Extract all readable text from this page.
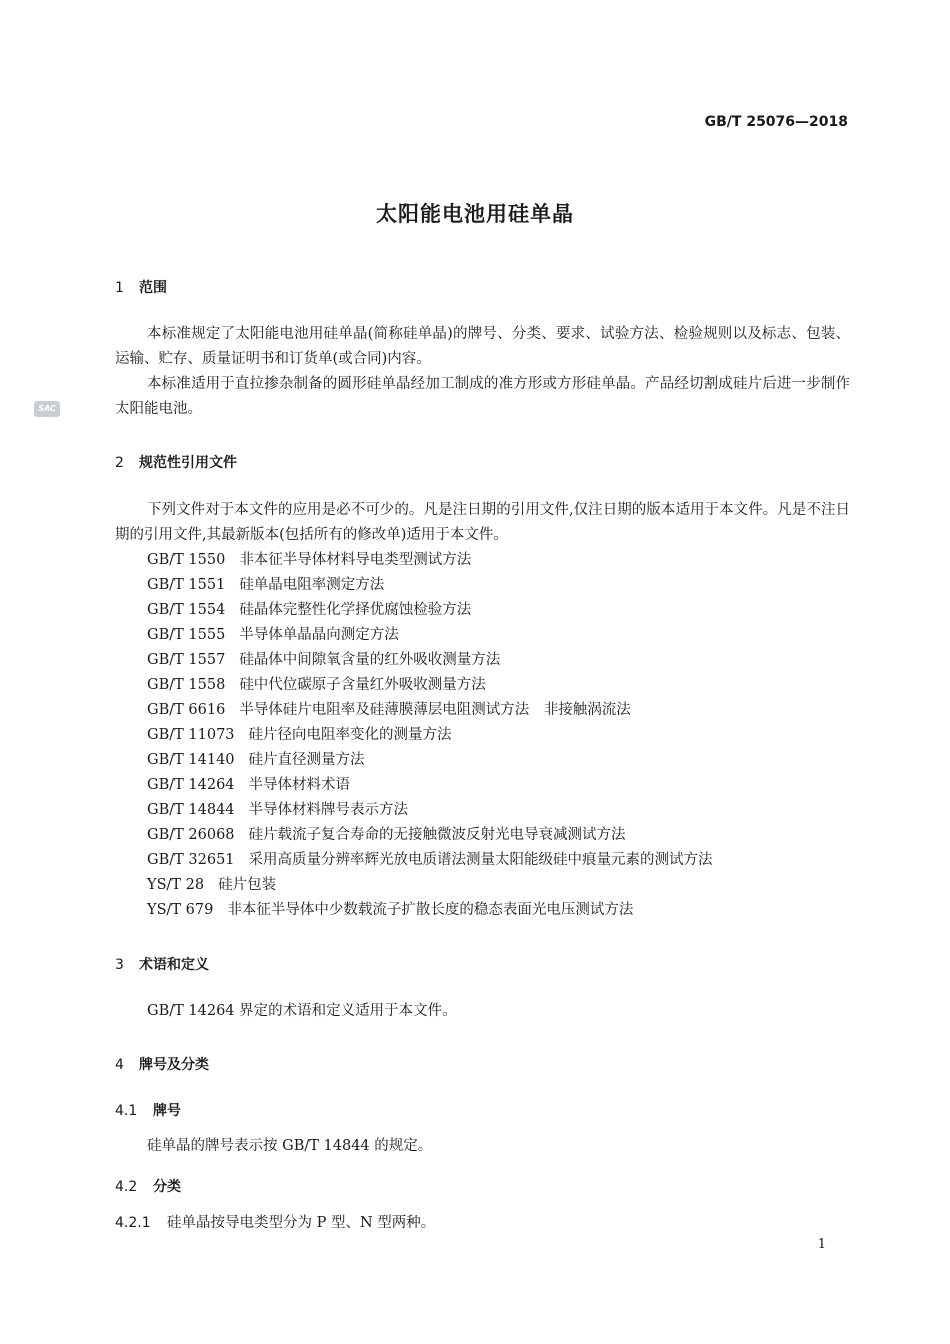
GB/T 25076—2018
太阳能电池用硅单晶
SAC
1 范围
本标准规定了太阳能电池用硅单晶(简称硅单晶)的牌号、分类、要求、试验方法、检验规则以及标志、包装、运输、贮存、质量证明书和订货单(或合同)内容。
本标准适用于直拉掺杂制备的圆形硅单晶经加工制成的准方形或方形硅单晶。产品经切割成硅片后进一步制作太阳能电池。
2 规范性引用文件
下列文件对于本文件的应用是必不可少的。凡是注日期的引用文件,仅注日期的版本适用于本文件。凡是不注日期的引用文件,其最新版本(包括所有的修改单)适用于本文件。
GB/T 1550 非本征半导体材料导电类型测试方法
GB/T 1551 硅单晶电阻率测定方法
GB/T 1554 硅晶体完整性化学择优腐蚀检验方法
GB/T 1555 半导体单晶晶向测定方法
GB/T 1557 硅晶体中间隙氧含量的红外吸收测量方法
GB/T 1558 硅中代位碳原子含量红外吸收测量方法
GB/T 6616 半导体硅片电阻率及硅薄膜薄层电阻测试方法　非接触涡流法
GB/T 11073 硅片径向电阻率变化的测量方法
GB/T 14140 硅片直径测量方法
GB/T 14264 半导体材料术语
GB/T 14844 半导体材料牌号表示方法
GB/T 26068 硅片载流子复合寿命的无接触微波反射光电导衰减测试方法
GB/T 32651 采用高质量分辨率辉光放电质谱法测量太阳能级硅中痕量元素的测试方法
YS/T 28 硅片包装
YS/T 679 非本征半导体中少数载流子扩散长度的稳态表面光电压测试方法
3 术语和定义
GB/T 14264 界定的术语和定义适用于本文件。
4 牌号及分类
4.1 牌号
硅单晶的牌号表示按 GB/T 14844 的规定。
4.2 分类
4.2.1 硅单晶按导电类型分为 P 型、N 型两种。
1
